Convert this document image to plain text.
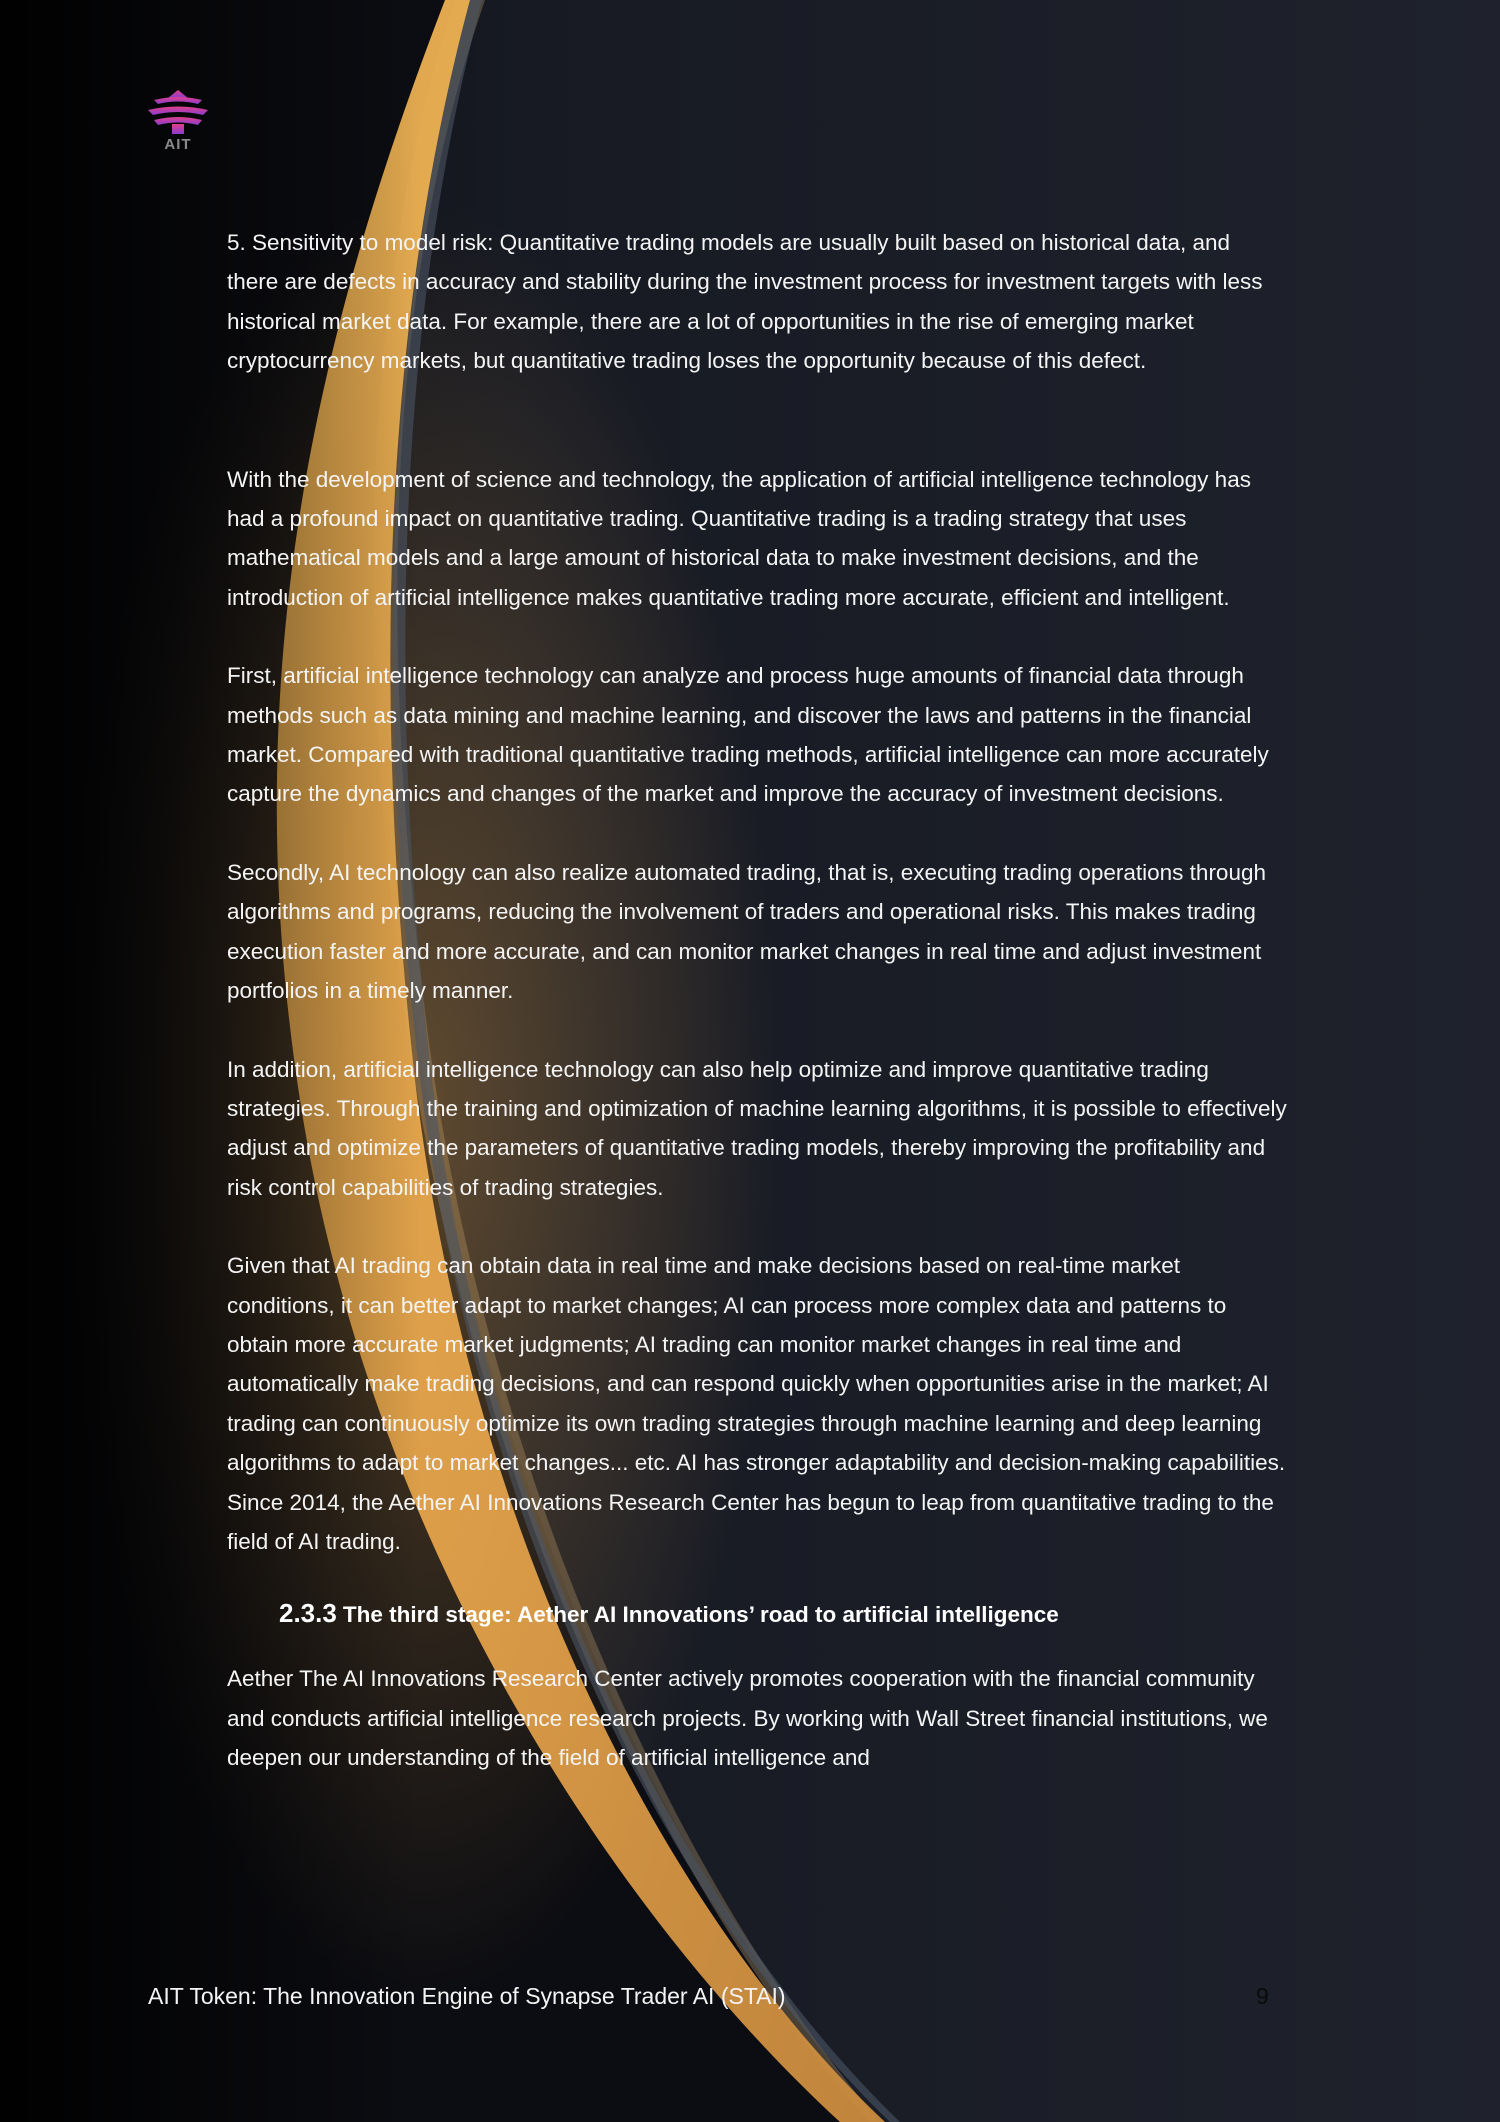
AIT

5. Sensitivity to model risk: Quantitative trading models are usually built based on historical data, and there are defects in accuracy and stability during the investment process for investment targets with less historical market data. For example, there are a lot of opportunities in the rise of emerging market cryptocurrency markets, but quantitative trading loses the opportunity because of this defect.

With the development of science and technology, the application of artificial intelligence technology has had a profound impact on quantitative trading. Quantitative trading is a trading strategy that uses mathematical models and a large amount of historical data to make investment decisions, and the introduction of artificial intelligence makes quantitative trading more accurate, efficient and intelligent.

First, artificial intelligence technology can analyze and process huge amounts of financial data through methods such as data mining and machine learning, and discover the laws and patterns in the financial market. Compared with traditional quantitative trading methods, artificial intelligence can more accurately capture the dynamics and changes of the market and improve the accuracy of investment decisions.

Secondly, AI technology can also realize automated trading, that is, executing trading operations through algorithms and programs, reducing the involvement of traders and operational risks. This makes trading execution faster and more accurate, and can monitor market changes in real time and adjust investment portfolios in a timely manner.

In addition, artificial intelligence technology can also help optimize and improve quantitative trading strategies. Through the training and optimization of machine learning algorithms, it is possible to effectively adjust and optimize the parameters of quantitative trading models, thereby improving the profitability and risk control capabilities of trading strategies.

Given that AI trading can obtain data in real time and make decisions based on real-time market conditions, it can better adapt to market changes; AI can process more complex data and patterns to obtain more accurate market judgments; AI trading can monitor market changes in real time and automatically make trading decisions, and can respond quickly when opportunities arise in the market; AI trading can continuously optimize its own trading strategies through machine learning and deep learning algorithms to adapt to market changes... etc. AI has stronger adaptability and decision-making capabilities. Since 2014, the Aether AI Innovations Research Center has begun to leap from quantitative trading to the field of AI trading.

2.3.3 The third stage: Aether AI Innovations’ road to artificial intelligence

Aether The AI Innovations Research Center actively promotes cooperation with the financial community and conducts artificial intelligence research projects. By working with Wall Street financial institutions, we deepen our understanding of the field of artificial intelligence and

AIT Token: The Innovation Engine of Synapse Trader AI (STAI)	9
